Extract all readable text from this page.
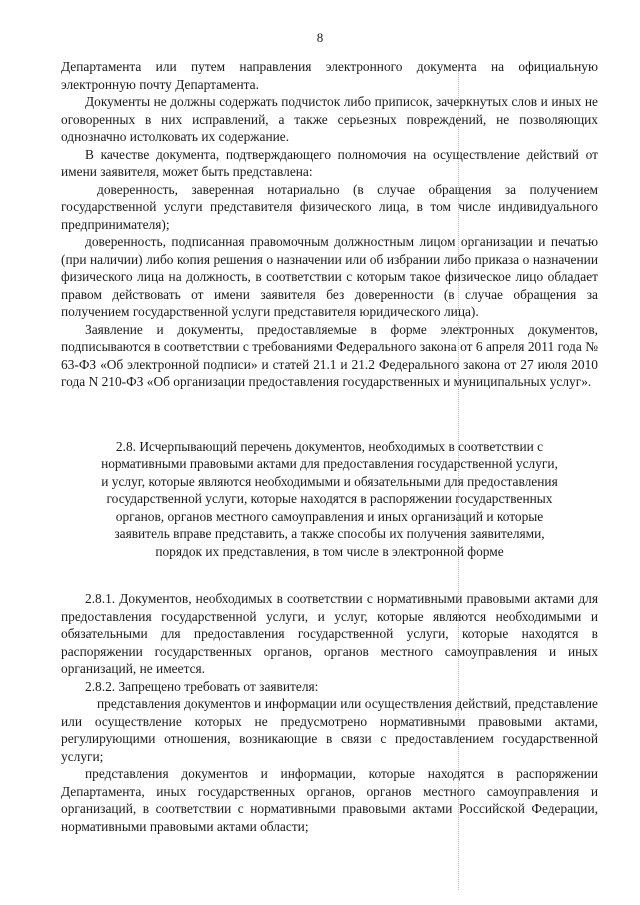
8

Департамента или путем направления электронного документа на официальную электронную почту Департамента.

Документы не должны содержать подчисток либо приписок, зачеркнутых слов и иных не оговоренных в них исправлений, а также серьезных повреждений, не позволяющих однозначно истолковать их содержание.

В качестве документа, подтверждающего полномочия на осуществление действий от имени заявителя, может быть представлена:

доверенность, заверенная нотариально (в случае обращения за получением государственной услуги представителя физического лица, в том числе индивидуального предпринимателя);

доверенность, подписанная правомочным должностным лицом организации и печатью (при наличии) либо копия решения о назначении или об избрании либо приказа о назначении физического лица на должность, в соответствии с которым такое физическое лицо обладает правом действовать от имени заявителя без доверенности (в случае обращения за получением государственной услуги представителя юридического лица).

Заявление и документы, предоставляемые в форме электронных документов, подписываются в соответствии с требованиями Федерального закона от 6 апреля 2011 года № 63-ФЗ «Об электронной подписи» и статей 21.1 и 21.2 Федерального закона от 27 июля 2010 года N 210-ФЗ «Об организации предоставления государственных и муниципальных услуг».

2.8. Исчерпывающий перечень документов, необходимых в соответствии с нормативными правовыми актами для предоставления государственной услуги, и услуг, которые являются необходимыми и обязательными для предоставления государственной услуги, которые находятся в распоряжении государственных органов, органов местного самоуправления и иных организаций и которые заявитель вправе представить, а также способы их получения заявителями, порядок их представления, в том числе в электронной форме

2.8.1. Документов, необходимых в соответствии с нормативными правовыми актами для предоставления государственной услуги, и услуг, которые являются необходимыми и обязательными для предоставления государственной услуги, которые находятся в распоряжении государственных органов, органов местного самоуправления и иных организаций, не имеется.

2.8.2. Запрещено требовать от заявителя:

представления документов и информации или осуществления действий, представление или осуществление которых не предусмотрено нормативными правовыми актами, регулирующими отношения, возникающие в связи с предоставлением государственной услуги;

представления документов и информации, которые находятся в распоряжении Департамента, иных государственных органов, органов местного самоуправления и организаций, в соответствии с нормативными правовыми актами Российской Федерации, нормативными правовыми актами области;
